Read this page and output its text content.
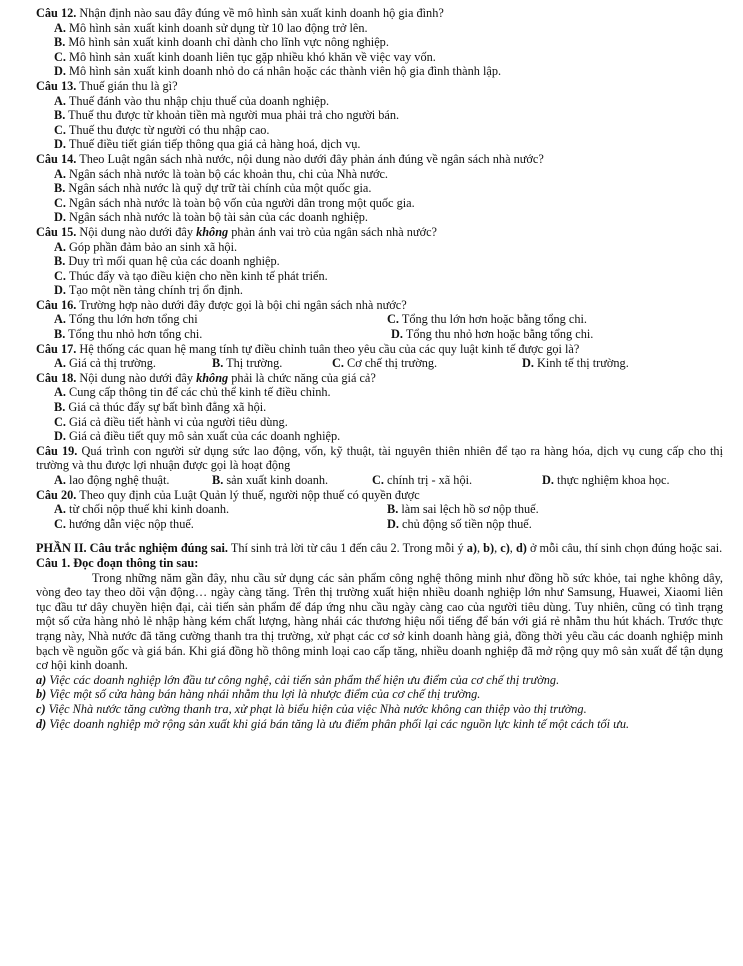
Câu 12. Nhận định nào sau đây đúng về mô hình sản xuất kinh doanh hộ gia đình?

A. Mô hình sản xuất kinh doanh sử dụng từ 10 lao động trở lên.

B. Mô hình sản xuất kinh doanh chỉ dành cho lĩnh vực nông nghiệp.

C. Mô hình sản xuất kinh doanh liên tục gặp nhiều khó khăn về việc vay vốn.

D. Mô hình sản xuất kinh doanh nhỏ do cá nhân hoặc các thành viên hộ gia đình thành lập.

Câu 13. Thuế gián thu là gì?

A. Thuế đánh vào thu nhập chịu thuế của doanh nghiệp.

B. Thuế thu được từ khoản tiền mà người mua phải trả cho người bán.

C. Thuế thu được từ người có thu nhập cao.

D. Thuế điều tiết gián tiếp thông qua giá cả hàng hoá, dịch vụ.

Câu 14. Theo Luật ngân sách nhà nước, nội dung nào dưới đây phản ánh đúng về ngân sách nhà nước?

A. Ngân sách nhà nước là toàn bộ các khoản thu, chi của Nhà nước.

B. Ngân sách nhà nước là quỹ dự trữ tài chính của một quốc gia.

C. Ngân sách nhà nước là toàn bộ vốn của người dân trong một quốc gia.

D. Ngân sách nhà nước là toàn bộ tài sản của các doanh nghiệp.

Câu 15. Nội dung nào dưới đây không phản ánh vai trò của ngân sách nhà nước?

A. Góp phần đảm bảo an sinh xã hội.

B. Duy trì mối quan hệ của các doanh nghiệp.

C. Thúc đẩy và tạo điều kiện cho nền kinh tế phát triển.

D. Tạo một nền tảng chính trị ổn định.

Câu 16. Trường hợp nào dưới đây được gọi là bội chi ngân sách nhà nước?

A. Tổng thu lớn hơn tổng chi	C. Tổng thu lớn hơn hoặc bằng tổng chi.
B. Tổng thu nhỏ hơn tổng chi.	D. Tổng thu nhỏ hơn hoặc bằng tổng chi.

Câu 17. Hệ thống các quan hệ mang tính tự điều chỉnh tuân theo yêu cầu của các quy luật kinh tế được gọi là?

A. Giá cả thị trường.	B. Thị trường.	C. Cơ chế thị trường.	D. Kinh tế thị trường.

Câu 18. Nội dung nào dưới đây không phải là chức năng của giá cả?

A. Cung cấp thông tin để các chủ thể kinh tế điều chỉnh.

B. Giá cả thúc đẩy sự bất bình đẳng xã hội.

C. Giá cả điều tiết hành vi của người tiêu dùng.

D. Giá cả điều tiết quy mô sản xuất của các doanh nghiệp.

Câu 19. Quá trình con người sử dụng sức lao động, vốn, kỹ thuật, tài nguyên thiên nhiên để tạo ra hàng hóa, dịch vụ cung cấp cho thị trường và thu được lợi nhuận được gọi là hoạt động

A. lao động nghệ thuật.	B. sản xuất kinh doanh.	C. chính trị - xã hội.	D. thực nghiệm khoa học.

Câu 20. Theo quy định của Luật Quản lý thuế, người nộp thuế có quyền được

A. từ chối nộp thuế khi kinh doanh.	B. làm sai lệch hồ sơ nộp thuế.
C. hướng dẫn việc nộp thuế.	D. chủ động số tiền nộp thuế.

PHẦN II. Câu trắc nghiệm đúng sai. Thí sinh trả lời từ câu 1 đến câu 2. Trong mỗi ý a), b), c), d) ở mỗi câu, thí sinh chọn đúng hoặc sai.

Câu 1. Đọc đoạn thông tin sau:

Trong những năm gần đây, nhu cầu sử dụng các sản phẩm công nghệ thông minh như đồng hồ sức khỏe, tai nghe không dây, vòng đeo tay theo dõi vận động… ngày càng tăng. Trên thị trường xuất hiện nhiều doanh nghiệp lớn như Samsung, Huawei, Xiaomi liên tục đầu tư dây chuyền hiện đại, cải tiến sản phẩm để đáp ứng nhu cầu ngày càng cao của người tiêu dùng. Tuy nhiên, cũng có tình trạng một số cửa hàng nhỏ lẻ nhập hàng kém chất lượng, hàng nhái các thương hiệu nổi tiếng để bán với giá rẻ nhằm thu hút khách. Trước thực trạng này, Nhà nước đã tăng cường thanh tra thị trường, xử phạt các cơ sở kinh doanh hàng giả, đồng thời yêu cầu các doanh nghiệp minh bạch về nguồn gốc và giá bán. Khi giá đồng hồ thông minh loại cao cấp tăng, nhiều doanh nghiệp đã mở rộng quy mô sản xuất để tận dụng cơ hội kinh doanh.

a) Việc các doanh nghiệp lớn đầu tư công nghệ, cải tiến sản phẩm thể hiện ưu điểm của cơ chế thị trường.

b) Việc một số cửa hàng bán hàng nhái nhằm thu lợi là nhược điểm của cơ chế thị trường.

c) Việc Nhà nước tăng cường thanh tra, xử phạt là biểu hiện của việc Nhà nước không can thiệp vào thị trường.

d) Việc doanh nghiệp mở rộng sản xuất khi giá bán tăng là ưu điểm phân phối lại các nguồn lực kinh tế một cách tối ưu.
